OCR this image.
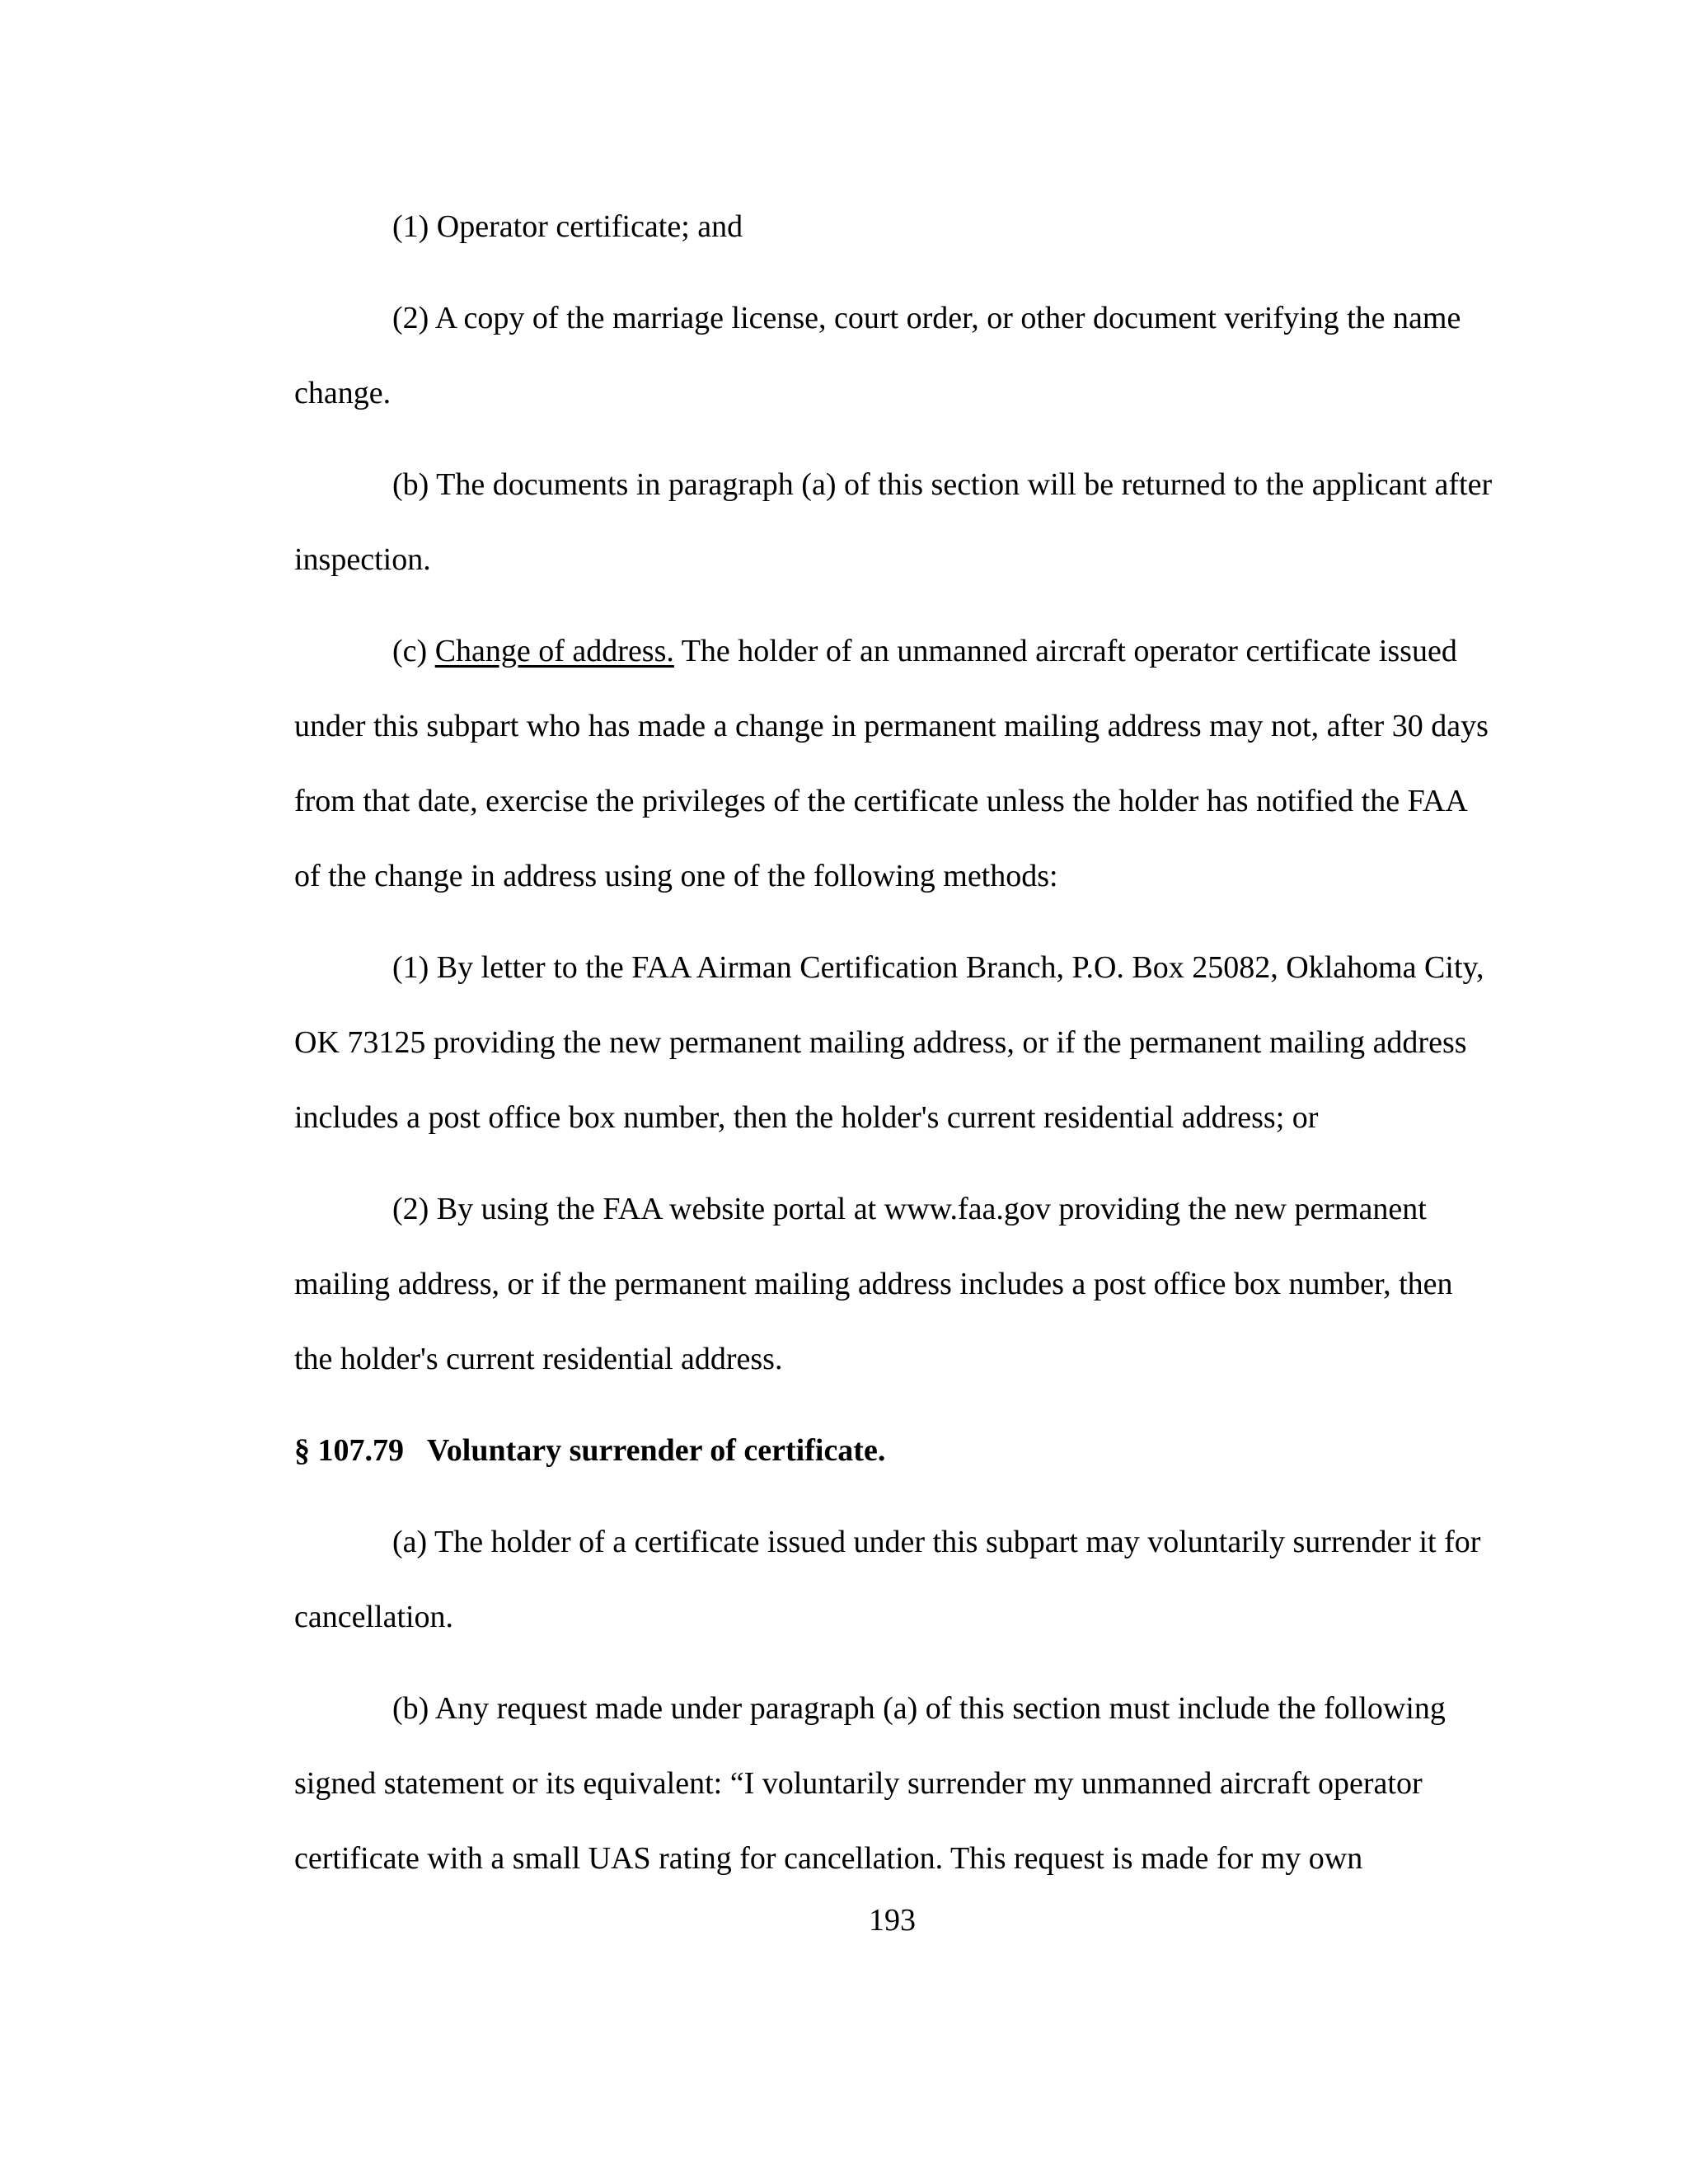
(1) Operator certificate; and

(2) A copy of the marriage license, court order, or other document verifying the name change.

(b) The documents in paragraph (a) of this section will be returned to the applicant after inspection.

(c) Change of address. The holder of an unmanned aircraft operator certificate issued under this subpart who has made a change in permanent mailing address may not, after 30 days from that date, exercise the privileges of the certificate unless the holder has notified the FAA of the change in address using one of the following methods:

(1) By letter to the FAA Airman Certification Branch, P.O. Box 25082, Oklahoma City, OK 73125 providing the new permanent mailing address, or if the permanent mailing address includes a post office box number, then the holder's current residential address; or

(2) By using the FAA website portal at www.faa.gov providing the new permanent mailing address, or if the permanent mailing address includes a post office box number, then the holder's current residential address.

§ 107.79   Voluntary surrender of certificate.

(a) The holder of a certificate issued under this subpart may voluntarily surrender it for cancellation.

(b) Any request made under paragraph (a) of this section must include the following signed statement or its equivalent: “I voluntarily surrender my unmanned aircraft operator certificate with a small UAS rating for cancellation. This request is made for my own

193
